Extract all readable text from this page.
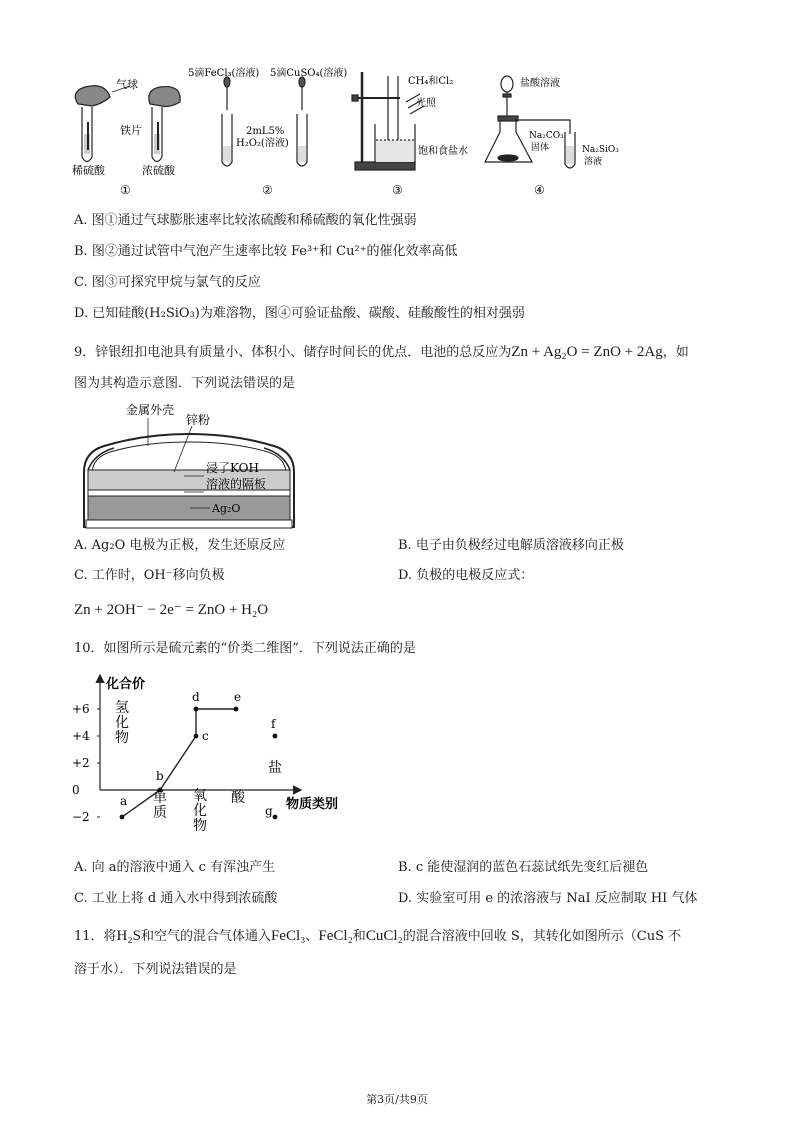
气球
铁片
稀硫酸	浓硫酸
①
5滴FeCl₃(溶液) 5滴CuSO₄(溶液)
2mL5%
H₂O₂(溶液)
②
CH₄和Cl₂
光照
饱和食盐水
③
盐酸溶液
Na₂CO₃
固体	Na₂SiO₃
溶液
④
A. 图①通过气球膨胀速率比较浓硫酸和稀硫酸的氧化性强弱
B. 图②通过试管中气泡产生速率比较 Fe³⁺和 Cu²⁺的催化效率高低
C. 图③可探究甲烷与氯气的反应
D. 已知硅酸(H₂SiO₃)为难溶物，图④可验证盐酸、碳酸、硅酸酸性的相对强弱
9．锌银纽扣电池具有质量小、体积小、储存时间长的优点．电池的总反应为Zn + Ag₂O = ZnO + 2Ag，如
图为其构造示意图．下列说法错误的是
金属外壳
锌粉
浸了KOH
溶液的隔板
Ag₂O
A. Ag₂O 电极为正极，发生还原反应	B. 电子由负极经过电解质溶液移向正极
C. 工作时，OH⁻移向负极	D. 负极的电极反应式：
Zn + 2OH⁻ − 2e⁻ = ZnO + H₂O
10．如图所示是硫元素的“价类二维图”．下列说法正确的是
化合价
物质类别
+6
+4
+2
0
−2
a
b
c
d	e
f
g
氢
化
物
单
质
氧
化
物
酸
盐
A. 向 a的溶液中通入 c 有浑浊产生	B. c 能使湿润的蓝色石蕊试纸先变红后褪色
C. 工业上将 d 通入水中得到浓硫酸	D. 实验室可用 e 的浓溶液与 NaI 反应制取 HI 气体
11．将H₂S和空气的混合气体通入FeCl₃、FeCl₂和CuCl₂的混合溶液中回收 S，其转化如图所示（CuS 不
溶于水）．下列说法错误的是
第3页/共9页
